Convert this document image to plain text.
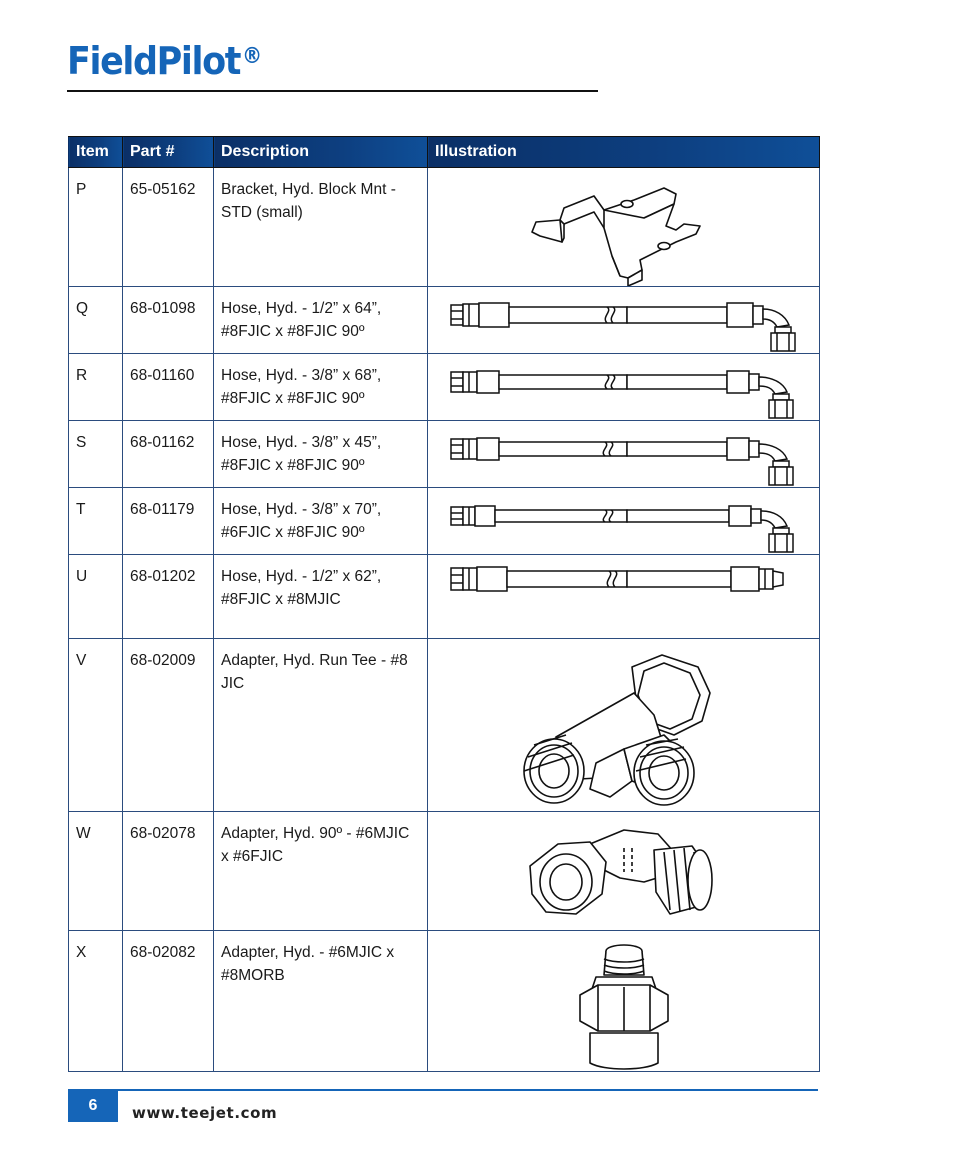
FieldPilot®
Item	Part #	Description	Illustration
P	65-05162	Bracket, Hyd. Block Mnt - STD (small)	

Q	68-01098	Hose, Hyd. - 1/2” x 64”, #8FJIC x #8FJIC 90º	

R	68-01160	Hose, Hyd. - 3/8” x 68”, #8FJIC x #8FJIC 90º	

S	68-01162	Hose, Hyd. - 3/8” x 45”, #8FJIC x #8FJIC 90º	

T	68-01179	Hose, Hyd. - 3/8” x 70”, #6FJIC x #8FJIC 90º	

U	68-01202	Hose, Hyd. - 1/2” x 62”, #8FJIC x #8MJIC	

V	68-02009	Adapter, Hyd. Run Tee - #8 JIC	

W	68-02078	Adapter, Hyd. 90º - #6MJIC x #6FJIC	

X	68-02082	Adapter, Hyd. - #6MJIC x #8MORB	
6	www.teejet.com
